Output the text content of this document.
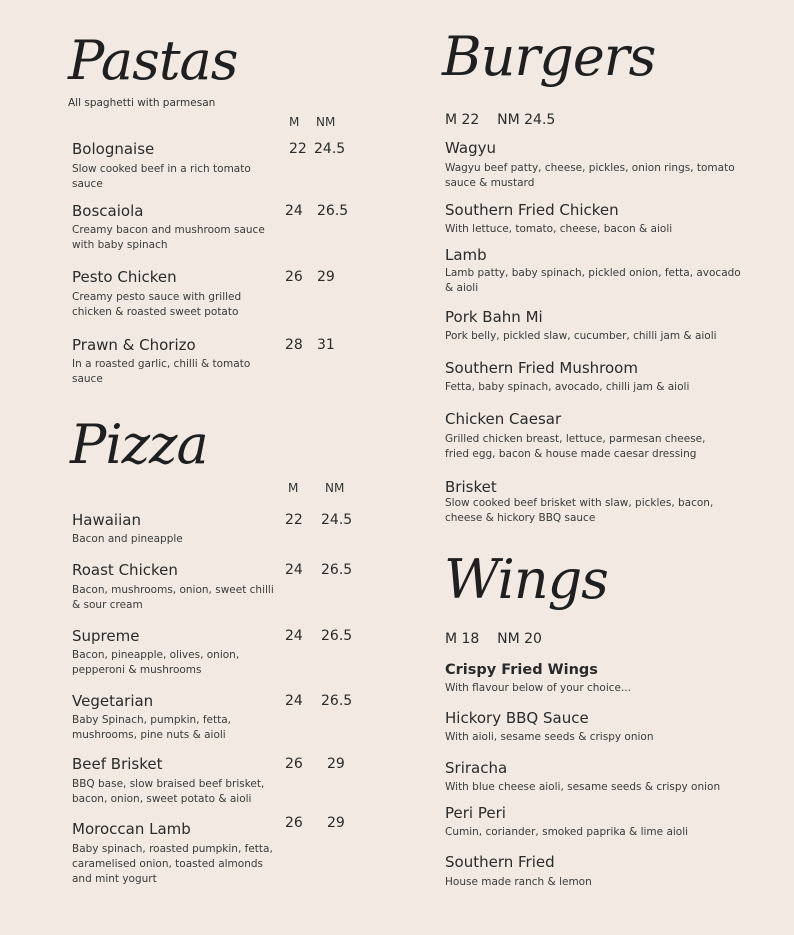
Pastas
All spaghetti with parmesan
M NM
Bolognaise
Slow cooked beef in a rich tomato sauce
22 24.5
Boscaiola
Creamy bacon and mushroom sauce with baby spinach
24 26.5
Pesto Chicken
Creamy pesto sauce with grilled chicken & roasted sweet potato
26 29
Prawn & Chorizo
In a roasted garlic, chilli & tomato sauce
28 31
Pizza
M NM
Hawaiian
Bacon and pineapple
22 24.5
Roast Chicken
Bacon, mushrooms, onion, sweet chilli & sour cream
24 26.5
Supreme
Bacon, pineapple, olives, onion, pepperoni & mushrooms
24 26.5
Vegetarian
Baby Spinach, pumpkin, fetta, mushrooms, pine nuts & aioli
24 26.5
Beef Brisket
BBQ base, slow braised beef brisket, bacon, onion, sweet potato & aioli
26 29
Moroccan Lamb
Baby spinach, roasted pumpkin, fetta, caramelised onion, toasted almonds and mint yogurt
26 29
Burgers
M 22    NM 24.5
Wagyu
Wagyu beef patty, cheese, pickles, onion rings, tomato sauce & mustard
Southern Fried Chicken
With lettuce, tomato, cheese, bacon & aioli
Lamb
Lamb patty, baby spinach, pickled onion, fetta, avocado & aioli
Pork Bahn Mi
Pork belly, pickled slaw, cucumber, chilli jam & aioli
Southern Fried Mushroom
Fetta, baby spinach, avocado, chilli jam & aioli
Chicken Caesar
Grilled chicken breast, lettuce, parmesan cheese, fried egg, bacon & house made caesar dressing
Brisket
Slow cooked beef brisket with slaw, pickles, bacon, cheese & hickory BBQ sauce
Wings
M 18    NM 20
Crispy Fried Wings
With flavour below of your choice...
Hickory BBQ Sauce
With aioli, sesame seeds & crispy onion
Sriracha
With blue cheese aioli, sesame seeds & crispy onion
Peri Peri
Cumin, coriander, smoked paprika & lime aioli
Southern Fried
House made ranch & lemon
